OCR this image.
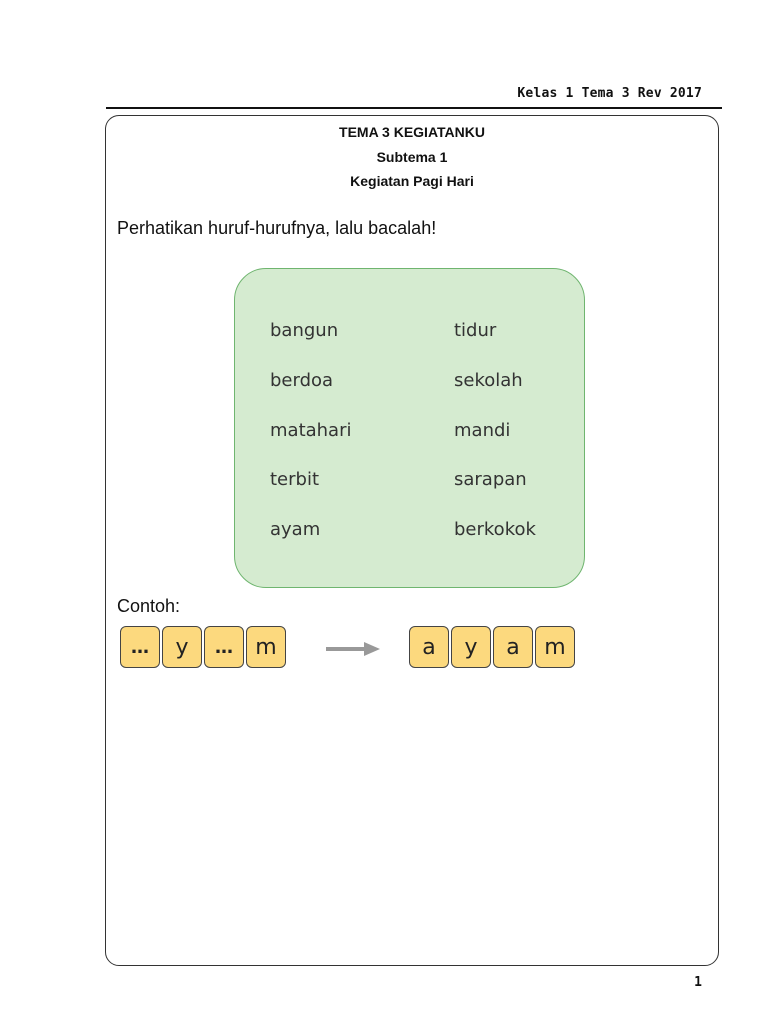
Kelas 1 Tema 3 Rev 2017
TEMA 3 KEGIATANKU
Subtema 1
Kegiatan Pagi Hari
Perhatikan huruf-hurufnya, lalu bacalah!
bangun
berdoa
matahari
terbit
ayam
tidur
sekolah
mandi
sarapan
berkokok
Contoh:
…	y	…	m	a	y	a	m
1
